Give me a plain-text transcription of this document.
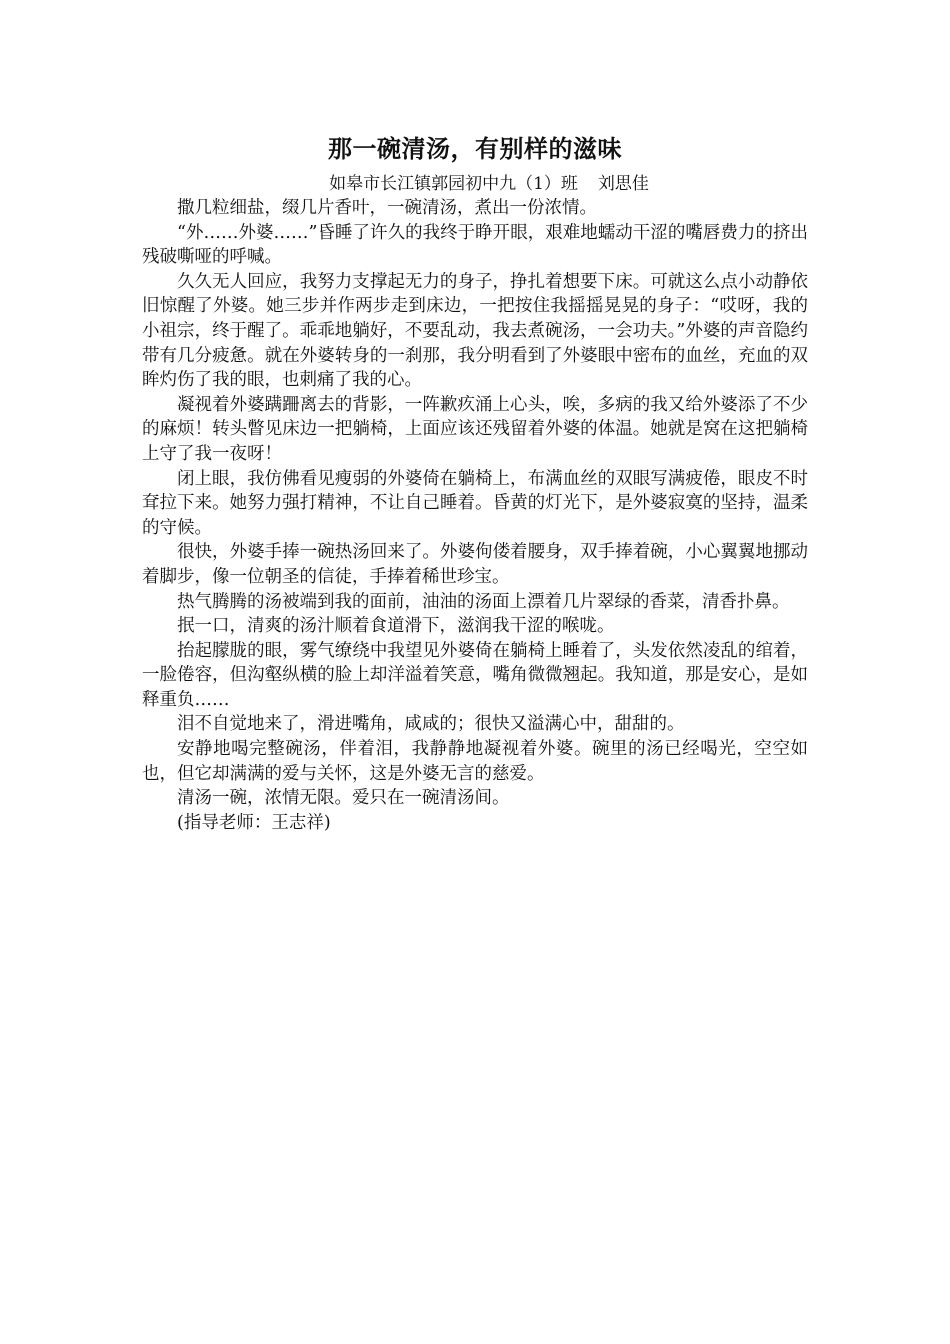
那一碗清汤，有别样的滋味

如皋市长江镇郭园初中九（1）班 刘思佳

撒几粒细盐，缀几片香叶，一碗清汤，煮出一份浓情。

“外……外婆……”昏睡了许久的我终于睁开眼，艰难地蠕动干涩的嘴唇费力的挤出残破嘶哑的呼喊。

久久无人回应，我努力支撑起无力的身子，挣扎着想要下床。可就这么点小动静依旧惊醒了外婆。她三步并作两步走到床边，一把按住我摇摇晃晃的身子：“哎呀，我的小祖宗，终于醒了。乖乖地躺好，不要乱动，我去煮碗汤，一会功夫。”外婆的声音隐约带有几分疲惫。就在外婆转身的一刹那，我分明看到了外婆眼中密布的血丝，充血的双眸灼伤了我的眼，也刺痛了我的心。

凝视着外婆蹒跚离去的背影，一阵歉疚涌上心头，唉，多病的我又给外婆添了不少的麻烦！转头瞥见床边一把躺椅，上面应该还残留着外婆的体温。她就是窝在这把躺椅上守了我一夜呀！

闭上眼，我仿佛看见瘦弱的外婆倚在躺椅上，布满血丝的双眼写满疲倦，眼皮不时耷拉下来。她努力强打精神，不让自己睡着。昏黄的灯光下，是外婆寂寞的坚持，温柔的守候。

很快，外婆手捧一碗热汤回来了。外婆佝偻着腰身，双手捧着碗，小心翼翼地挪动着脚步，像一位朝圣的信徒，手捧着稀世珍宝。

热气腾腾的汤被端到我的面前，油油的汤面上漂着几片翠绿的香菜，清香扑鼻。

抿一口，清爽的汤汁顺着食道滑下，滋润我干涩的喉咙。

抬起朦胧的眼，雾气缭绕中我望见外婆倚在躺椅上睡着了，头发依然凌乱的绾着，一脸倦容，但沟壑纵横的脸上却洋溢着笑意，嘴角微微翘起。我知道，那是安心，是如释重负……

泪不自觉地来了，滑进嘴角，咸咸的；很快又溢满心中，甜甜的。

安静地喝完整碗汤，伴着泪，我静静地凝视着外婆。碗里的汤已经喝光，空空如也，但它却满满的爱与关怀，这是外婆无言的慈爱。

清汤一碗，浓情无限。爱只在一碗清汤间。

(指导老师：王志祥)
